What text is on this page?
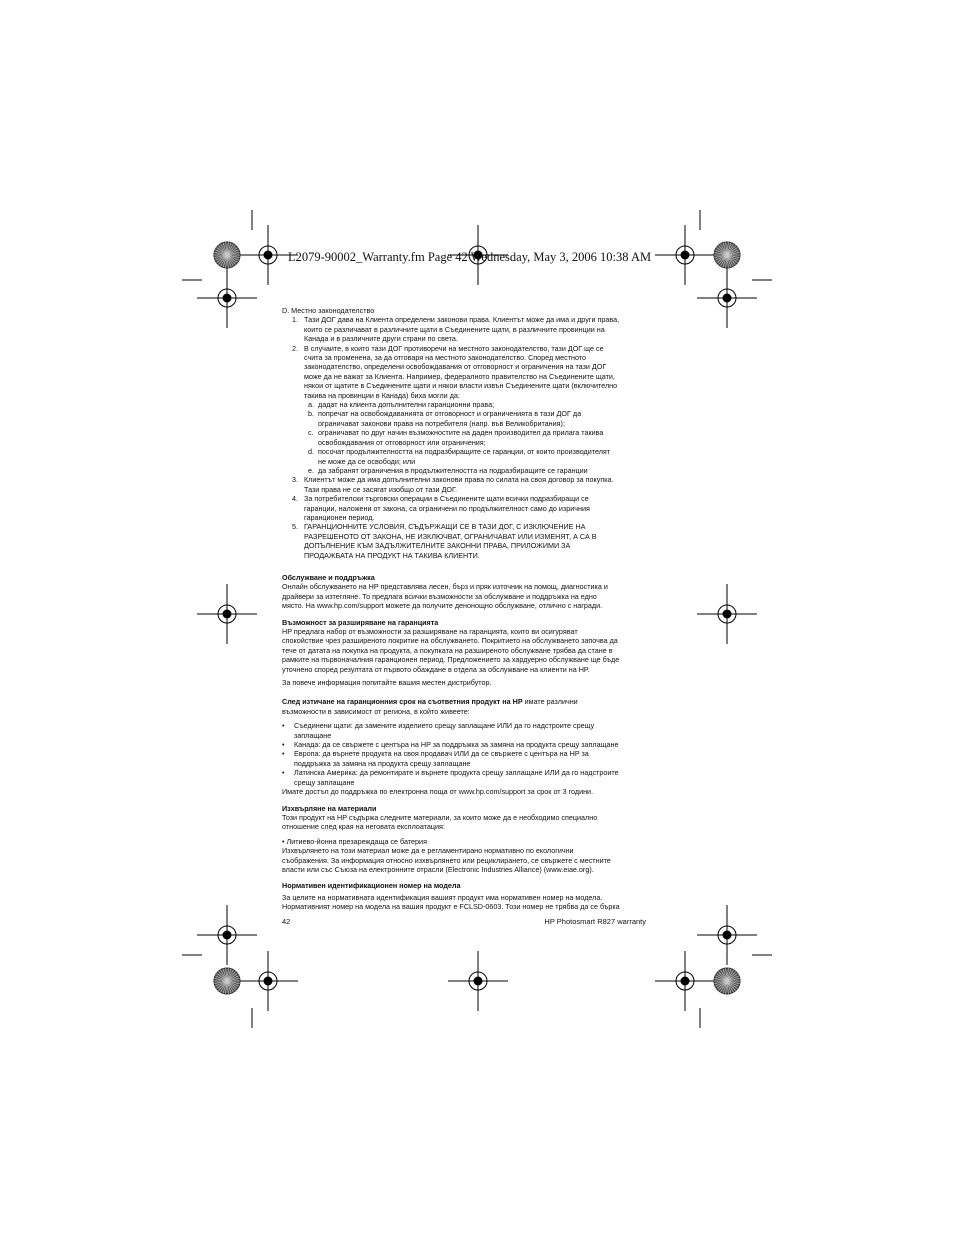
L2079-90002_Warranty.fm Page 42 Wednesday, May 3, 2006 10:38 AM

D. Местно законодателство

1. Тази ДОГ дава на Клиента определени законови права. Клиентът може да има и други права,

които се различават в различните щати в Съединените щати, в различните провинции на

Канада и в различните други страни по света.

2. В случаите, в които тази ДОГ противоречи на местното законодателство, тази ДОГ ще се

счита за променена, за да отговаря на местното законодателство. Според местното

законодателство, определени освобождавания от отговорност и ограничения на тази ДОГ

може да не важат за Клиента. Например, федералното правителство на Съединените щати,

някои от щатите в Съединените щати и някои власти извън Съединените щати (включително

такива на провинции в Канада) биха могли да:

a. дадат на клиента допълнителни гаранционни права;

b. попречат на освобождаванията от отговорност и ограниченията в тази ДОГ да

ограничават законови права на потребителя (напр. във Великобритания);

c. ограничават по друг начин възможностите на даден производител да прилага такива

освобождавания от отговорност или ограничения;

d. посочат продължителността на подразбиращите се гаранции, от които производителят

не може да се освободи; или

e. да забранят ограничения в продължителността на подразбиращите се гаранции

3. Клиентът може да има допълнителни законови права по силата на своя договор за покупка.

Тази права не се засягат изобщо от тази ДОГ.

4. За потребителски търговски операции в Съединените щати всички подразбиращи се

гаранции, наложени от закона, са ограничени по продължителност само до изричния

гаранционен период.

5. ГАРАНЦИОННИТЕ УСЛОВИЯ, СЪДЪРЖАЩИ СЕ В ТАЗИ ДОГ, С ИЗКЛЮЧЕНИЕ НА

РАЗРЕШЕНОТО ОТ ЗАКОНА, НЕ ИЗКЛЮЧВАТ, ОГРАНИЧАВАТ ИЛИ ИЗМЕНЯТ, А СА В

ДОПЪЛНЕНИЕ КЪМ ЗАДЪЛЖИТЕЛНИТЕ ЗАКОННИ ПРАВА, ПРИЛОЖИМИ ЗА

ПРОДАЖБАТА НА ПРОДУКТ НА ТАКИВА КЛИЕНТИ.

Обслужване и поддръжка

Онлайн обслужването на HP представлява лесен, бърз и пряк източник на помощ, диагностика и

драйвери за изтегляне. То предлага всички възможности за обслужване и поддръжка на едно

място. На www.hp.com/support можете да получите денонощно обслужване, отлично с награди.

Възможност за разширяване на гаранцията

HP предлага набор от възможности за разширяване на гаранцията, които ви осигуряват

спокойствие чрез разширеното покритие на обслужването. Покритието на обслужването започва да

тече от датата на покупка на продукта, а покупката на разширеното обслужване трябва да стане в

рамките на първоначалния гаранционен период. Предложението за хардуерно обслужване ще бъде

уточнено според резултата от първото обаждане в отдела за обслужване на клиенти на HP.

За повече информация попитайте вашия местен дистрибутор.

След изтичане на гаранционния срок на съответния продукт на HP имате различни

възможности в зависимост от региона, в който живеете:

• Съединени щати: да замените изделието срещу заплащане ИЛИ да го надстроите срещу

заплащане

• Канада: да се свържете с центъра на HP за поддръжка за замяна на продукта срещу заплащане

• Европа: да върнете продукта на своя продавач ИЛИ да се свържете с центъра на HP за

поддръжка за замяна на продукта срещу заплащане

• Латинска Америка: да ремонтирате и върнете продукта срещу заплащане ИЛИ да го надстроите

срещу заплащане

Имате достъп до поддръжка по електронна поща от www.hp.com/support за срок от 3 години.

Изхвърляне на материали

Този продукт на HP съдържа следните материали, за които може да е необходимо специално

отношение след края на неговата експлоатация:

• Литиево-йонна презареждаща се батерия

Изхвърлянето на този материал може да е регламентирано нормативно по екологични

съображения. За информация относно изхвърлянето или рециклирането, се свържете с местните

власти или със Съюза на електронните отрасли (Electronic Industries Alliance) (www.eiae.org).

Нормативен идентификационен номер на модела

За целите на нормативната идентификация вашият продукт има нормативен номер на модела.

Нормативният номер на модела на вашия продукт е FCLSD-0603. Този номер не трябва да се бърка

42	HP Photosmart R827 warranty
